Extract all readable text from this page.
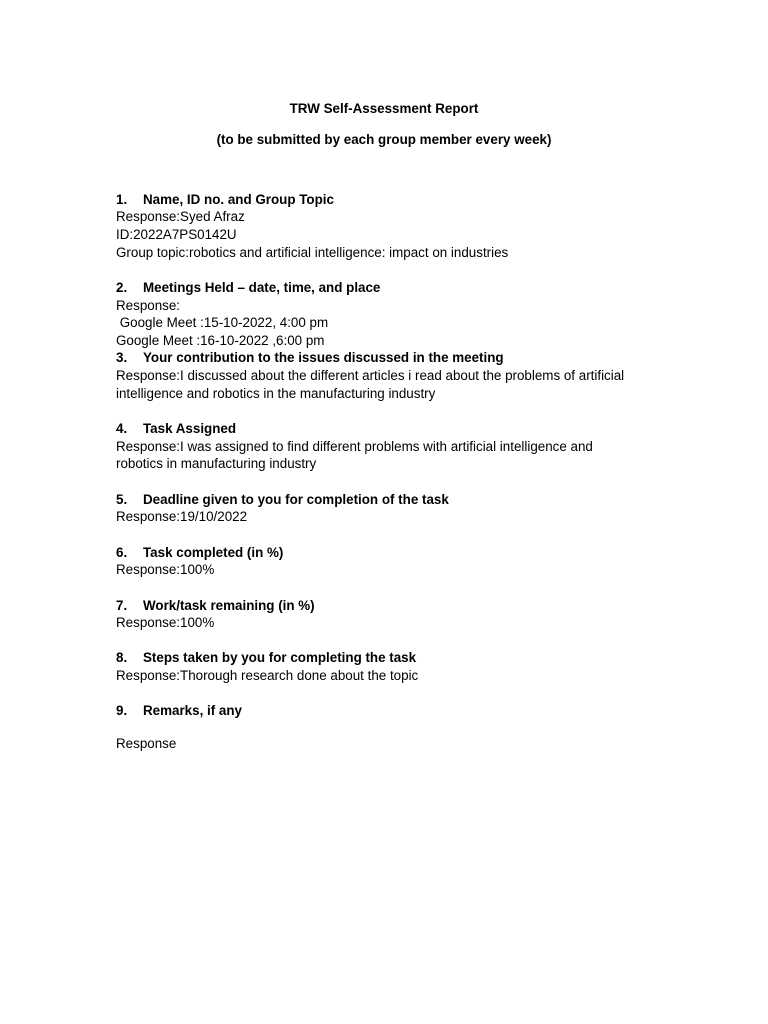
TRW Self-Assessment Report

(to be submitted by each group member every week)

1. Name, ID no. and Group Topic

Response:Syed Afraz

ID:2022A7PS0142U

Group topic:robotics and artificial intelligence: impact on industries

2. Meetings Held – date, time, and place

Response:

Google Meet :15-10-2022, 4:00 pm

Google Meet :16-10-2022 ,6:00 pm

3. Your contribution to the issues discussed in the meeting

Response:I discussed about the different articles i read about the problems of artificial

intelligence and robotics in the manufacturing industry

4. Task Assigned

Response:I was assigned to find different problems with artificial intelligence and

robotics in manufacturing industry

5. Deadline given to you for completion of the task

Response:19/10/2022

6. Task completed (in %)

Response:100%

7. Work/task remaining (in %)

Response:100%

8. Steps taken by you for completing the task

Response:Thorough research done about the topic

9. Remarks, if any

Response
